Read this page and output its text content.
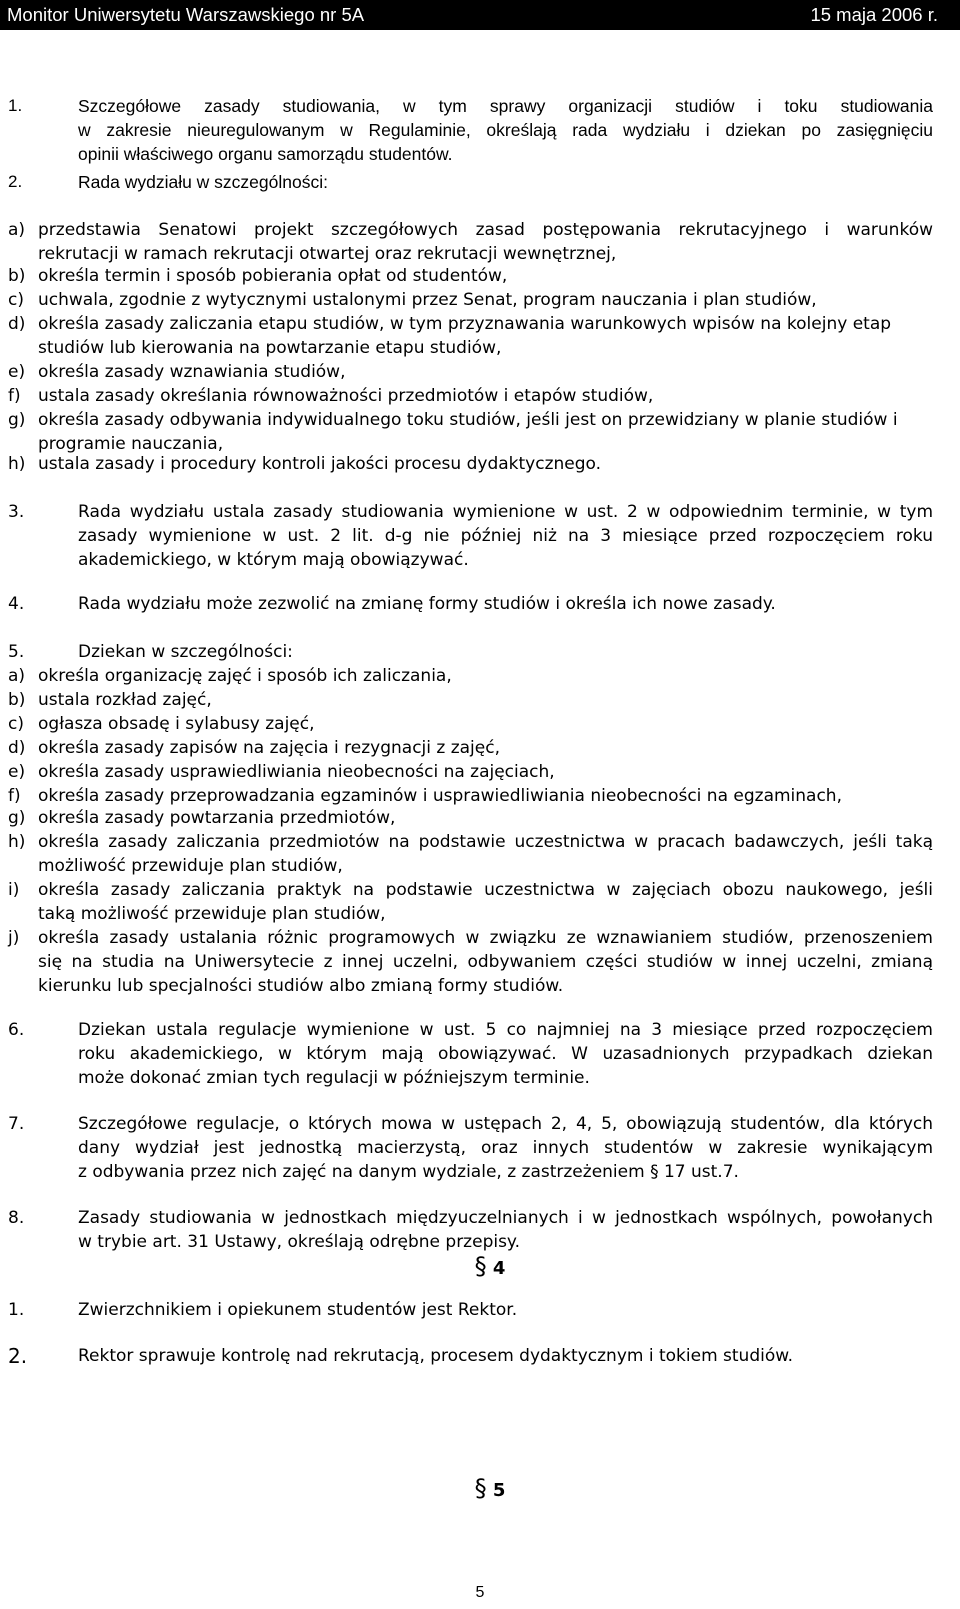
Monitor Uniwersytetu Warszawskiego nr 5A	15 maja 2006 r.
§ 4
§ 5
5
1.	Szczegółowe zasady studiowania, w tym sprawy organizacji studiów i toku studiowania
w zakresie nieuregulowanym w Regulaminie, określają rada wydziału i dziekan po zasięgnięciu
opinii właściwego organu samorządu studentów.
2.	Rada wydziału w szczególności:
a) przedstawia Senatowi projekt szczegółowych zasad postępowania rekrutacyjnego i warunków
rekrutacji w ramach rekrutacji otwartej oraz rekrutacji wewnętrznej,
b) określa termin i sposób pobierania opłat od studentów,
c) uchwala, zgodnie z wytycznymi ustalonymi przez Senat, program nauczania i plan studiów,
d) określa zasady zaliczania etapu studiów, w tym przyznawania warunkowych wpisów na kolejny etap
studiów lub kierowania na powtarzanie etapu studiów,
e) określa zasady wznawiania studiów,
f) ustala zasady określania równoważności przedmiotów i etapów studiów,
g) określa zasady odbywania indywidualnego toku studiów, jeśli jest on przewidziany w planie studiów i
programie nauczania,
h) ustala zasady i procedury kontroli jakości procesu dydaktycznego.
3.	Rada wydziału ustala zasady studiowania wymienione w ust. 2 w odpowiednim terminie, w tym
zasady wymienione w ust. 2 lit. d-g nie później niż na 3 miesiące przed rozpoczęciem roku
akademickiego, w którym mają obowiązywać.
4.	Rada wydziału może zezwolić na zmianę formy studiów i określa ich nowe zasady.
5.	Dziekan w szczególności:
a) określa organizację zajęć i sposób ich zaliczania,
b) ustala rozkład zajęć,
c) ogłasza obsadę i sylabusy zajęć,
d) określa zasady zapisów na zajęcia i rezygnacji z zajęć,
e) określa zasady usprawiedliwiania nieobecności na zajęciach,
f) określa zasady przeprowadzania egzaminów i usprawiedliwiania nieobecności na egzaminach,
g) określa zasady powtarzania przedmiotów,
h) określa zasady zaliczania przedmiotów na podstawie uczestnictwa w pracach badawczych, jeśli taką
możliwość przewiduje plan studiów,
i) określa zasady zaliczania praktyk na podstawie uczestnictwa w zajęciach obozu naukowego, jeśli
taką możliwość przewiduje plan studiów,
j) określa zasady ustalania różnic programowych w związku ze wznawianiem studiów, przenoszeniem
się na studia na Uniwersytecie z innej uczelni, odbywaniem części studiów w innej uczelni, zmianą
kierunku lub specjalności studiów albo zmianą formy studiów.
6.	Dziekan ustala regulacje wymienione w ust. 5 co najmniej na 3 miesiące przed rozpoczęciem
roku akademickiego, w którym mają obowiązywać. W uzasadnionych przypadkach dziekan
może dokonać zmian tych regulacji w późniejszym terminie.
7.	Szczegółowe regulacje, o których mowa w ustępach 2, 4, 5, obowiązują studentów, dla których
dany wydział jest jednostką macierzystą, oraz innych studentów w zakresie wynikającym
z odbywania przez nich zajęć na danym wydziale, z zastrzeżeniem § 17 ust.7.
8.	Zasady studiowania w jednostkach międzyuczelnianych i w jednostkach wspólnych, powołanych
w trybie art. 31 Ustawy, określają odrębne przepisy.
1.	Zwierzchnikiem i opiekunem studentów jest Rektor.
2.	Rektor sprawuje kontrolę nad rekrutacją, procesem dydaktycznym i tokiem studiów.
